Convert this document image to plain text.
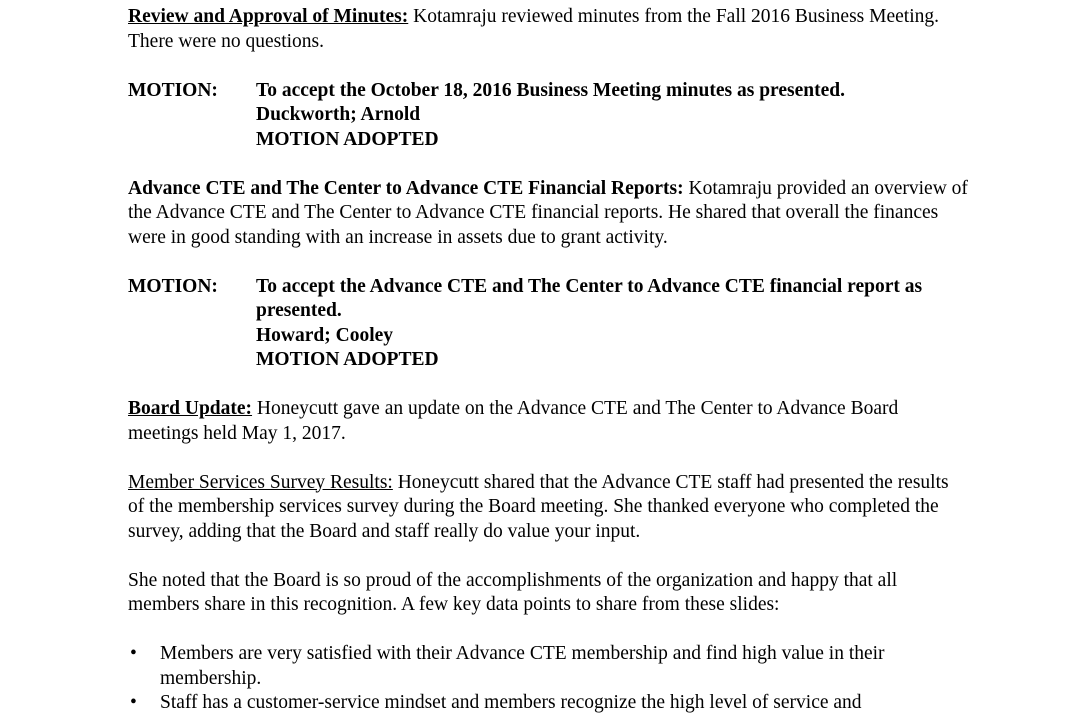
Review and Approval of Minutes: Kotamraju reviewed minutes from the Fall 2016 Business Meeting. There were no questions.

MOTION:	To accept the October 18, 2016 Business Meeting minutes as presented.

Duckworth; Arnold

MOTION ADOPTED

Advance CTE and The Center to Advance CTE Financial Reports: Kotamraju provided an overview of the Advance CTE and The Center to Advance CTE financial reports. He shared that overall the finances were in good standing with an increase in assets due to grant activity.

MOTION:	To accept the Advance CTE and The Center to Advance CTE financial report as presented.

Howard; Cooley

MOTION ADOPTED

Board Update: Honeycutt gave an update on the Advance CTE and The Center to Advance Board meetings held May 1, 2017.

Member Services Survey Results: Honeycutt shared that the Advance CTE staff had presented the results of the membership services survey during the Board meeting. She thanked everyone who completed the survey, adding that the Board and staff really do value your input.

She noted that the Board is so proud of the accomplishments of the organization and happy that all members share in this recognition. A few key data points to share from these slides:

• Members are very satisfied with their Advance CTE membership and find high value in their membership.
• Staff has a customer-service mindset and members recognize the high level of service and
